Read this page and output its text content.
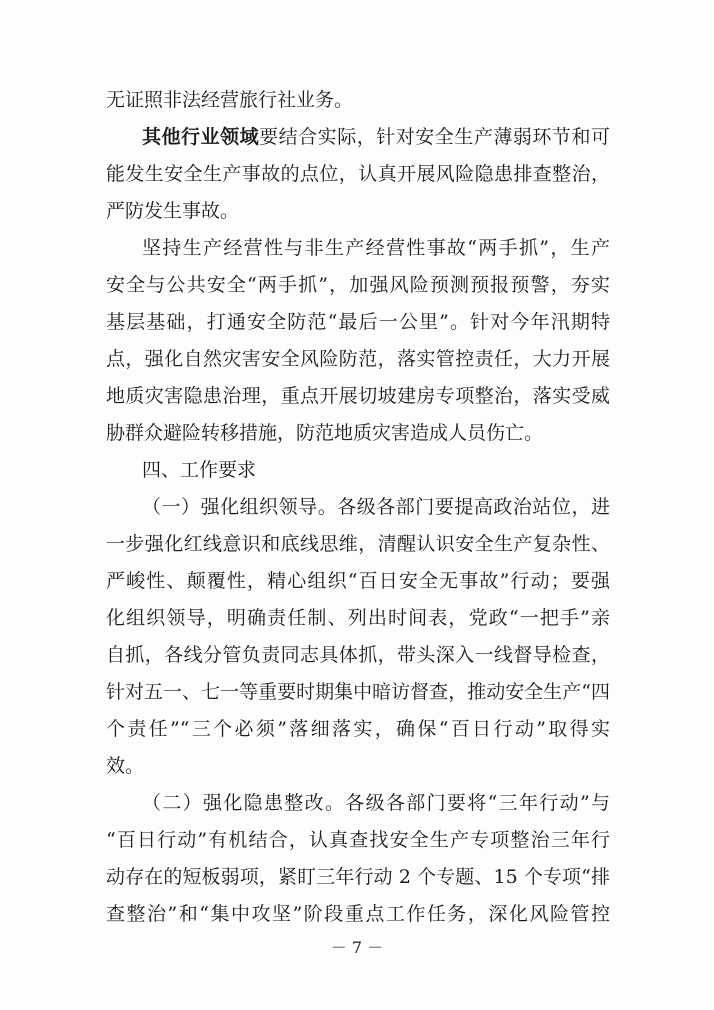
无证照非法经营旅行社业务。
其他行业领域要结合实际，针对安全生产薄弱环节和可
能发生安全生产事故的点位，认真开展风险隐患排查整治，
严防发生事故。
坚持生产经营性与非生产经营性事故“两手抓”，生产
安全与公共安全“两手抓”，加强风险预测预报预警，夯实
基层基础，打通安全防范“最后一公里”。针对今年汛期特
点，强化自然灾害安全风险防范，落实管控责任，大力开展
地质灾害隐患治理，重点开展切坡建房专项整治，落实受威
胁群众避险转移措施，防范地质灾害造成人员伤亡。
四、工作要求
（一）强化组织领导。各级各部门要提高政治站位，进
一步强化红线意识和底线思维，清醒认识安全生产复杂性、
严峻性、颠覆性，精心组织“百日安全无事故”行动；要强
化组织领导，明确责任制、列出时间表，党政“一把手”亲
自抓，各线分管负责同志具体抓，带头深入一线督导检查，
针对五一、七一等重要时期集中暗访督查，推动安全生产“四
个责任”“三个必须”落细落实，确保“百日行动”取得实
效。
（二）强化隐患整改。各级各部门要将“三年行动”与
“百日行动”有机结合，认真查找安全生产专项整治三年行
动存在的短板弱项，紧盯三年行动 2 个专题、15 个专项“排
－ 7 －
查整治”和“集中攻坚”阶段重点工作任务，深化风险管控
